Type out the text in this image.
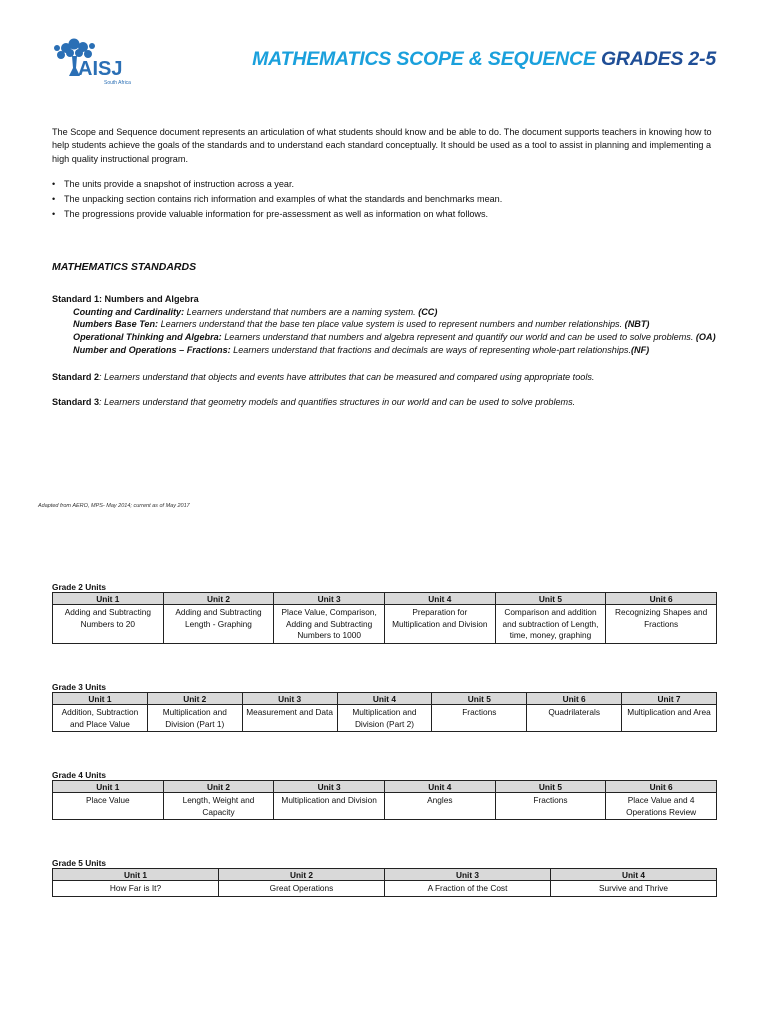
AISJ
South Africa
MATHEMATICS SCOPE & SEQUENCE GRADES 2-5
The Scope and Sequence document represents an articulation of what students should know and be able to do. The document supports teachers in knowing how to help students achieve the goals of the standards and to understand each standard conceptually. It should be used as a tool to assist in planning and implementing a high quality instructional program.
• The units provide a snapshot of instruction across a year.
• The unpacking section contains rich information and examples of what the standards and benchmarks mean.
• The progressions provide valuable information for pre-assessment as well as information on what follows.
MATHEMATICS STANDARDS
Standard 1: Numbers and Algebra
Counting and Cardinality: Learners understand that numbers are a naming system. (CC)
Numbers Base Ten: Learners understand that the base ten place value system is used to represent numbers and number relationships. (NBT)
Operational Thinking and Algebra: Learners understand that numbers and algebra represent and quantify our world and can be used to solve problems. (OA)
Number and Operations – Fractions: Learners understand that fractions and decimals are ways of representing whole-part relationships.(NF)
Standard 2: Learners understand that objects and events have attributes that can be measured and compared using appropriate tools.
Standard 3: Learners understand that geometry models and quantifies structures in our world and can be used to solve problems.
Adapted from AERO, MPS- May 2014; current as of May 2017
Grade 2 Units
Unit 1	Unit 2	Unit 3	Unit 4	Unit 5	Unit 6
Adding and Subtracting Numbers to 20	Adding and Subtracting Length - Graphing	Place Value, Comparison, Adding and Subtracting Numbers to 1000	Preparation for Multiplication and Division	Comparison and addition and subtraction of Length, time, money, graphing	Recognizing Shapes and Fractions
Grade 3 Units
Unit 1	Unit 2	Unit 3	Unit 4	Unit 5	Unit 6	Unit 7
Addition, Subtraction and Place Value	Multiplication and Division (Part 1)	Measurement and Data	Multiplication and Division (Part 2)	Fractions	Quadrilaterals	Multiplication and Area
Grade 4 Units
Unit 1	Unit 2	Unit 3	Unit 4	Unit 5	Unit 6
Place Value	Length, Weight and Capacity	Multiplication and Division	Angles	Fractions	Place Value and 4 Operations Review
Grade 5 Units
Unit 1	Unit 2	Unit 3	Unit 4
How Far is It?	Great Operations	A Fraction of the Cost	Survive and Thrive
